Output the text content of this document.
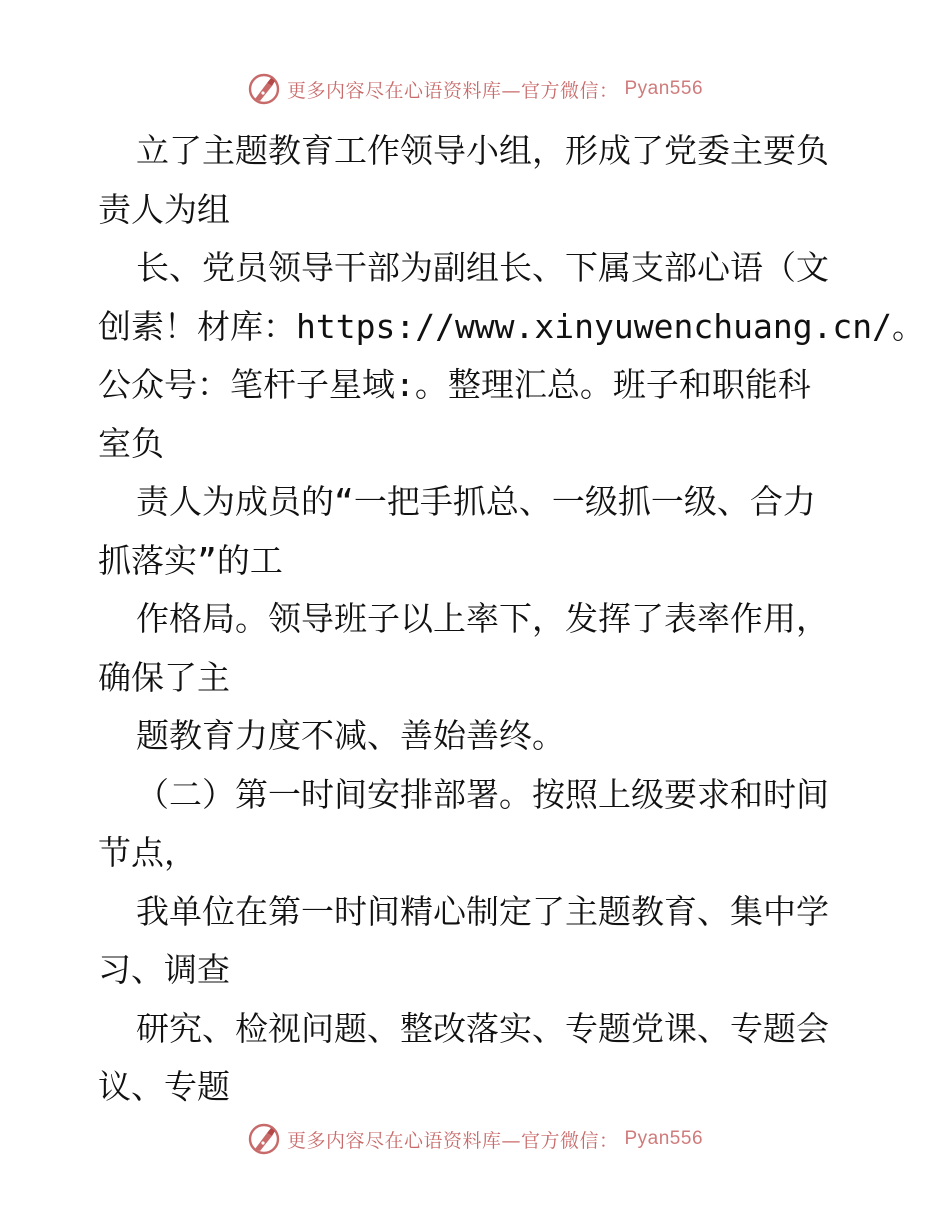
更多内容尽在心语资料库—官方微信： Pyan556
立了主题教育工作领导小组，形成了党委主要负
责人为组
长、党员领导干部为副组长、下属支部心语（文
创素！材库：https://www.xinyuwenchuang.cn/。
公众号：笔杆子星域:。整理汇总。班子和职能科
室负
责人为成员的“一把手抓总、一级抓一级、合力
抓落实”的工
作格局。领导班子以上率下，发挥了表率作用，
确保了主
题教育力度不减、善始善终。
（二）第一时间安排部署。按照上级要求和时间
节点，
我单位在第一时间精心制定了主题教育、集中学
习、调查
研究、检视问题、整改落实、专题党课、专题会
议、专题
更多内容尽在心语资料库—官方微信： Pyan556
